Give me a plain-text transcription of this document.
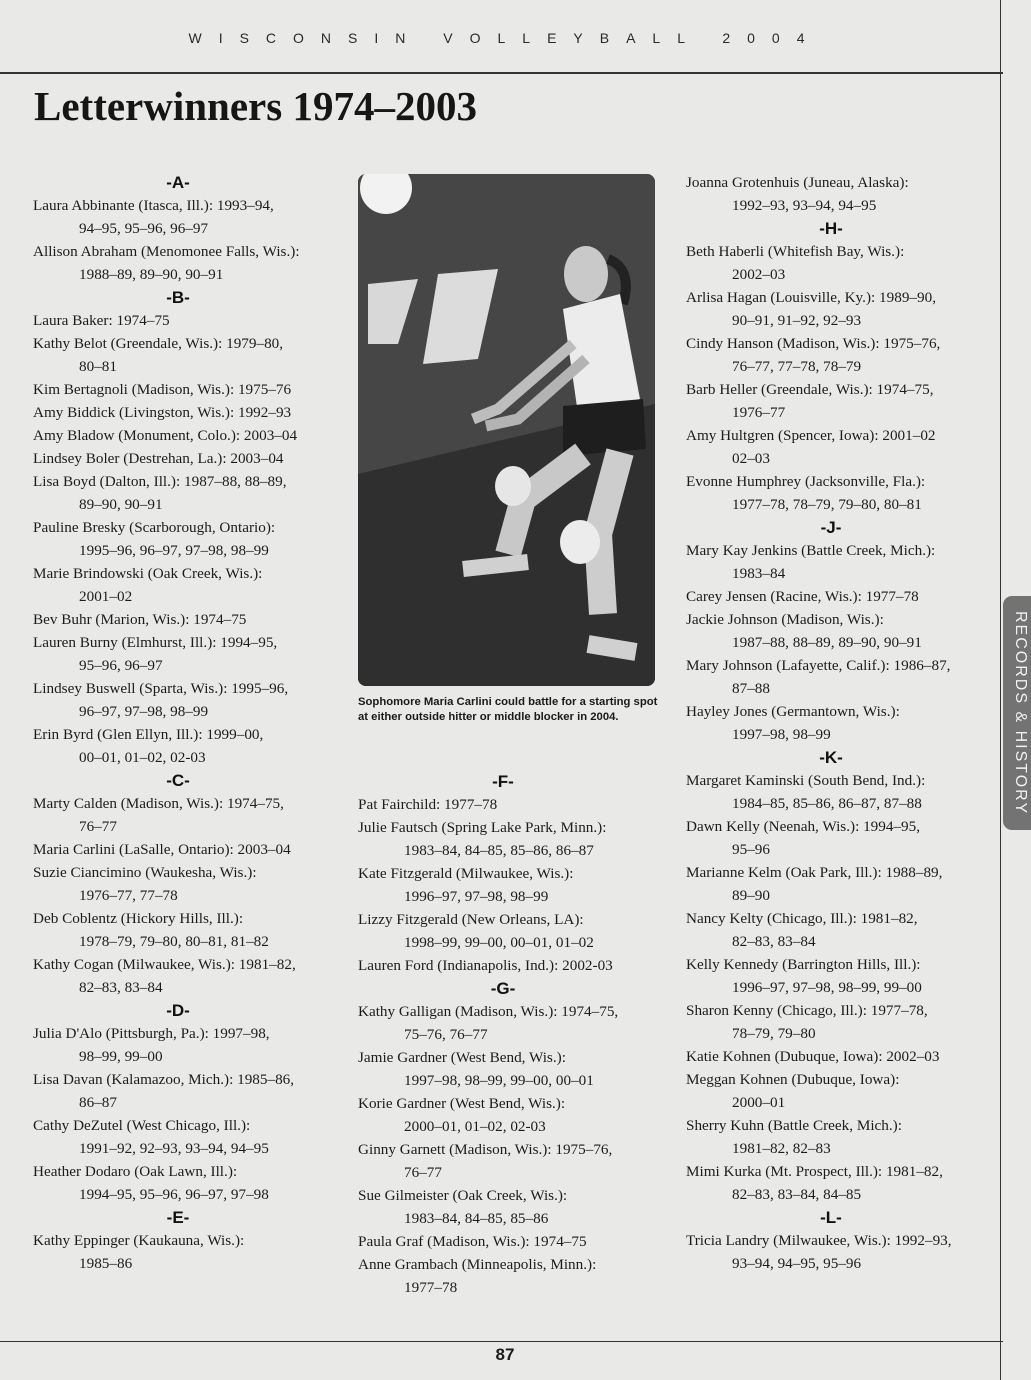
WISCONSIN VOLLEYBALL 2004
Letterwinners 1974–2003
-A-
Laura Abbinante (Itasca, Ill.): 1993–94,
94–95, 95–96, 96–97
Allison Abraham (Menomonee Falls, Wis.):
1988–89, 89–90, 90–91
-B-
Laura Baker: 1974–75
Kathy Belot (Greendale, Wis.): 1979–80,
80–81
Kim Bertagnoli (Madison, Wis.): 1975–76
Amy Biddick (Livingston, Wis.): 1992–93
Amy Bladow (Monument, Colo.): 2003–04
Lindsey Boler (Destrehan, La.): 2003–04
Lisa Boyd (Dalton, Ill.): 1987–88, 88–89,
89–90, 90–91
Pauline Bresky (Scarborough, Ontario):
1995–96, 96–97, 97–98, 98–99
Marie Brindowski (Oak Creek, Wis.):
2001–02
Bev Buhr (Marion, Wis.): 1974–75
Lauren Burny (Elmhurst, Ill.): 1994–95,
95–96, 96–97
Lindsey Buswell (Sparta, Wis.): 1995–96,
96–97, 97–98, 98–99
Erin Byrd (Glen Ellyn, Ill.): 1999–00,
00–01, 01–02, 02-03
-C-
Marty Calden (Madison, Wis.): 1974–75,
76–77
Maria Carlini (LaSalle, Ontario): 2003–04
Suzie Ciancimino (Waukesha, Wis.):
1976–77, 77–78
Deb Coblentz (Hickory Hills, Ill.):
1978–79, 79–80, 80–81, 81–82
Kathy Cogan (Milwaukee, Wis.): 1981–82,
82–83, 83–84
-D-
Julia D'Alo (Pittsburgh, Pa.): 1997–98,
98–99, 99–00
Lisa Davan (Kalamazoo, Mich.): 1985–86,
86–87
Cathy DeZutel (West Chicago, Ill.):
1991–92, 92–93, 93–94, 94–95
Heather Dodaro (Oak Lawn, Ill.):
1994–95, 95–96, 96–97, 97–98
-E-
Kathy Eppinger (Kaukauna, Wis.):
1985–86
Sophomore Maria Carlini could battle for a starting spot at either outside hitter or middle blocker in 2004.
-F-
Pat Fairchild: 1977–78
Julie Fautsch (Spring Lake Park, Minn.):
1983–84, 84–85, 85–86, 86–87
Kate Fitzgerald (Milwaukee, Wis.):
1996–97, 97–98, 98–99
Lizzy Fitzgerald (New Orleans, LA):
1998–99, 99–00, 00–01, 01–02
Lauren Ford (Indianapolis, Ind.): 2002-03
-G-
Kathy Galligan (Madison, Wis.): 1974–75,
75–76, 76–77
Jamie Gardner (West Bend, Wis.):
1997–98, 98–99, 99–00, 00–01
Korie Gardner (West Bend, Wis.):
2000–01, 01–02, 02-03
Ginny Garnett (Madison, Wis.): 1975–76,
76–77
Sue Gilmeister (Oak Creek, Wis.):
1983–84, 84–85, 85–86
Paula Graf (Madison, Wis.): 1974–75
Anne Grambach (Minneapolis, Minn.):
1977–78
Joanna Grotenhuis (Juneau, Alaska):
1992–93, 93–94, 94–95
-H-
Beth Haberli (Whitefish Bay, Wis.):
2002–03
Arlisa Hagan (Louisville, Ky.): 1989–90,
90–91, 91–92, 92–93
Cindy Hanson (Madison, Wis.): 1975–76,
76–77, 77–78, 78–79
Barb Heller (Greendale, Wis.): 1974–75,
1976–77
Amy Hultgren (Spencer, Iowa): 2001–02
02–03
Evonne Humphrey (Jacksonville, Fla.):
1977–78, 78–79, 79–80, 80–81
-J-
Mary Kay Jenkins (Battle Creek, Mich.):
1983–84
Carey Jensen (Racine, Wis.): 1977–78
Jackie Johnson (Madison, Wis.):
1987–88, 88–89, 89–90, 90–91
Mary Johnson (Lafayette, Calif.): 1986–87,
87–88
Hayley Jones (Germantown, Wis.):
1997–98, 98–99
-K-
Margaret Kaminski (South Bend, Ind.):
1984–85, 85–86, 86–87, 87–88
Dawn Kelly (Neenah, Wis.): 1994–95,
95–96
Marianne Kelm (Oak Park, Ill.): 1988–89,
89–90
Nancy Kelty (Chicago, Ill.): 1981–82,
82–83, 83–84
Kelly Kennedy (Barrington Hills, Ill.):
1996–97, 97–98, 98–99, 99–00
Sharon Kenny (Chicago, Ill.): 1977–78,
78–79, 79–80
Katie Kohnen (Dubuque, Iowa): 2002–03
Meggan Kohnen (Dubuque, Iowa):
2000–01
Sherry Kuhn (Battle Creek, Mich.):
1981–82, 82–83
Mimi Kurka (Mt. Prospect, Ill.): 1981–82,
82–83, 83–84, 84–85
-L-
Tricia Landry (Milwaukee, Wis.): 1992–93,
93–94, 94–95, 95–96
RECORDS & HISTORY
87
